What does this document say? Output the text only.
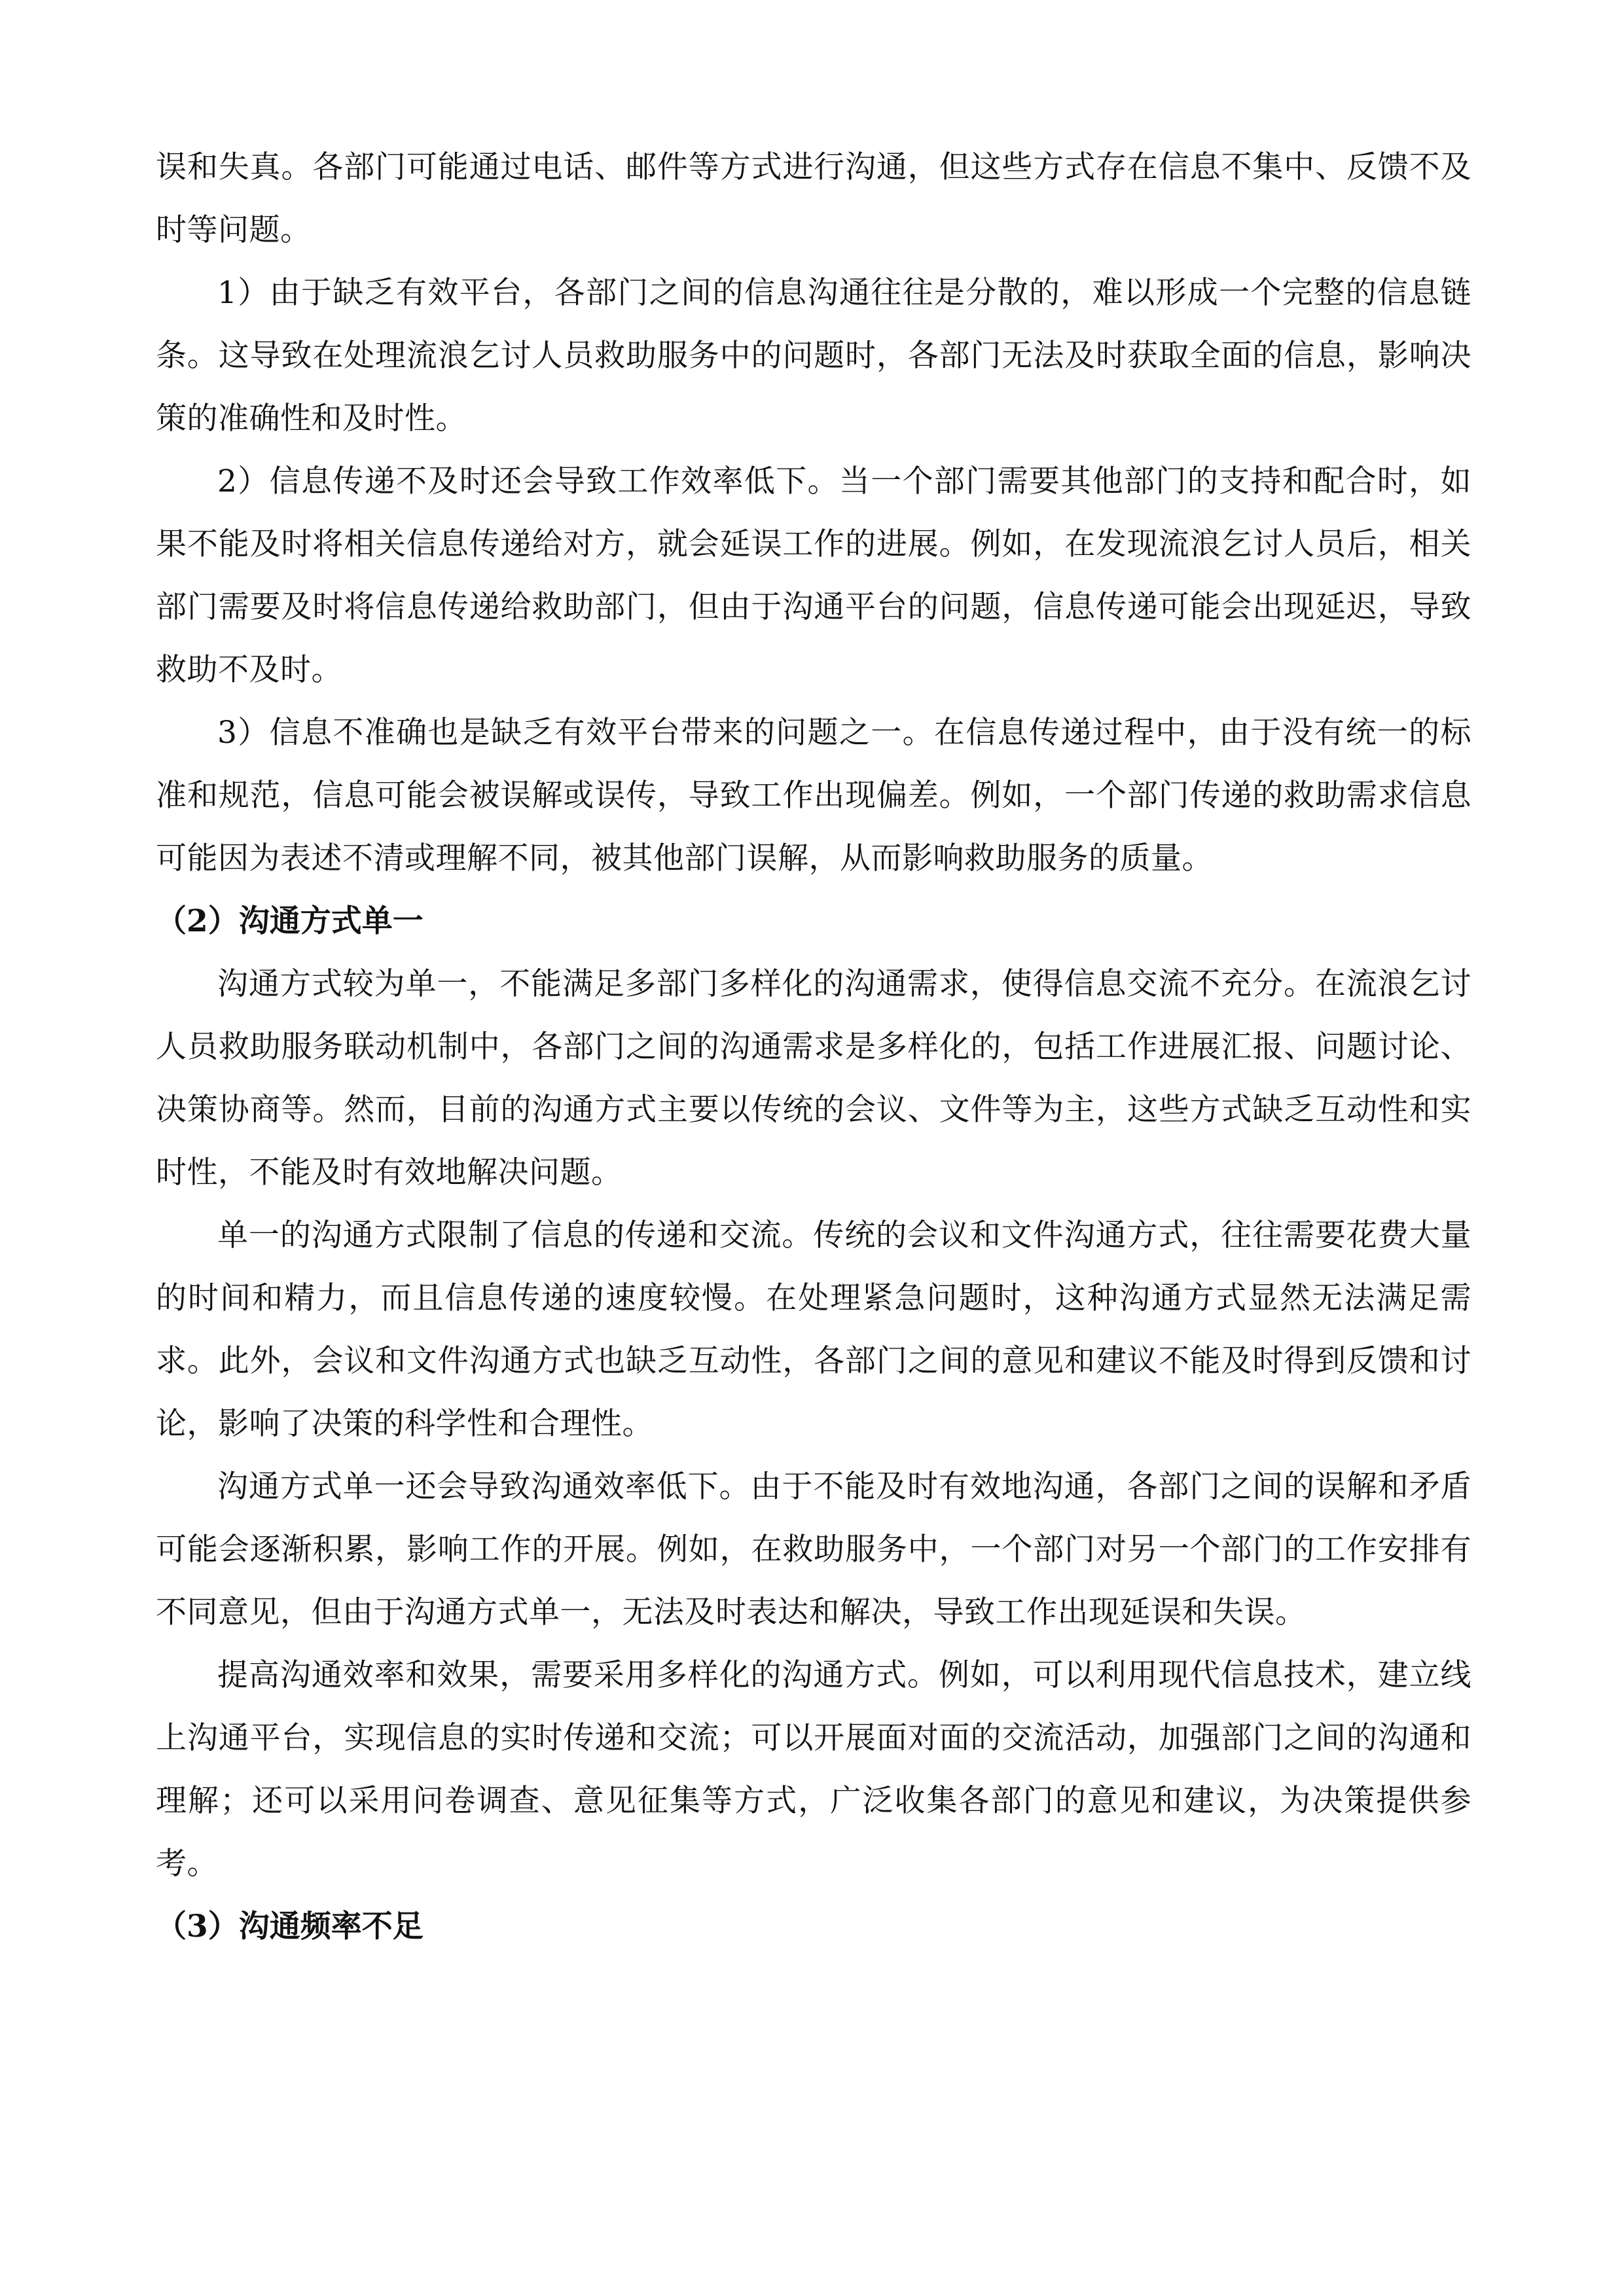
误和失真。各部门可能通过电话、邮件等方式进行沟通，但这些方式存在信息不集中、反馈不及时等问题。

1）由于缺乏有效平台，各部门之间的信息沟通往往是分散的，难以形成一个完整的信息链条。这导致在处理流浪乞讨人员救助服务中的问题时，各部门无法及时获取全面的信息，影响决策的准确性和及时性。

2）信息传递不及时还会导致工作效率低下。当一个部门需要其他部门的支持和配合时，如果不能及时将相关信息传递给对方，就会延误工作的进展。例如，在发现流浪乞讨人员后，相关部门需要及时将信息传递给救助部门，但由于沟通平台的问题，信息传递可能会出现延迟，导致救助不及时。

3）信息不准确也是缺乏有效平台带来的问题之一。在信息传递过程中，由于没有统一的标准和规范，信息可能会被误解或误传，导致工作出现偏差。例如，一个部门传递的救助需求信息可能因为表述不清或理解不同，被其他部门误解，从而影响救助服务的质量。

（2）沟通方式单一

沟通方式较为单一，不能满足多部门多样化的沟通需求，使得信息交流不充分。在流浪乞讨人员救助服务联动机制中，各部门之间的沟通需求是多样化的，包括工作进展汇报、问题讨论、决策协商等。然而，目前的沟通方式主要以传统的会议、文件等为主，这些方式缺乏互动性和实时性，不能及时有效地解决问题。

单一的沟通方式限制了信息的传递和交流。传统的会议和文件沟通方式，往往需要花费大量的时间和精力，而且信息传递的速度较慢。在处理紧急问题时，这种沟通方式显然无法满足需求。此外，会议和文件沟通方式也缺乏互动性，各部门之间的意见和建议不能及时得到反馈和讨论，影响了决策的科学性和合理性。

沟通方式单一还会导致沟通效率低下。由于不能及时有效地沟通，各部门之间的误解和矛盾可能会逐渐积累，影响工作的开展。例如，在救助服务中，一个部门对另一个部门的工作安排有不同意见，但由于沟通方式单一，无法及时表达和解决，导致工作出现延误和失误。

提高沟通效率和效果，需要采用多样化的沟通方式。例如，可以利用现代信息技术，建立线上沟通平台，实现信息的实时传递和交流；可以开展面对面的交流活动，加强部门之间的沟通和理解；还可以采用问卷调查、意见征集等方式，广泛收集各部门的意见和建议，为决策提供参考。

（3）沟通频率不足
